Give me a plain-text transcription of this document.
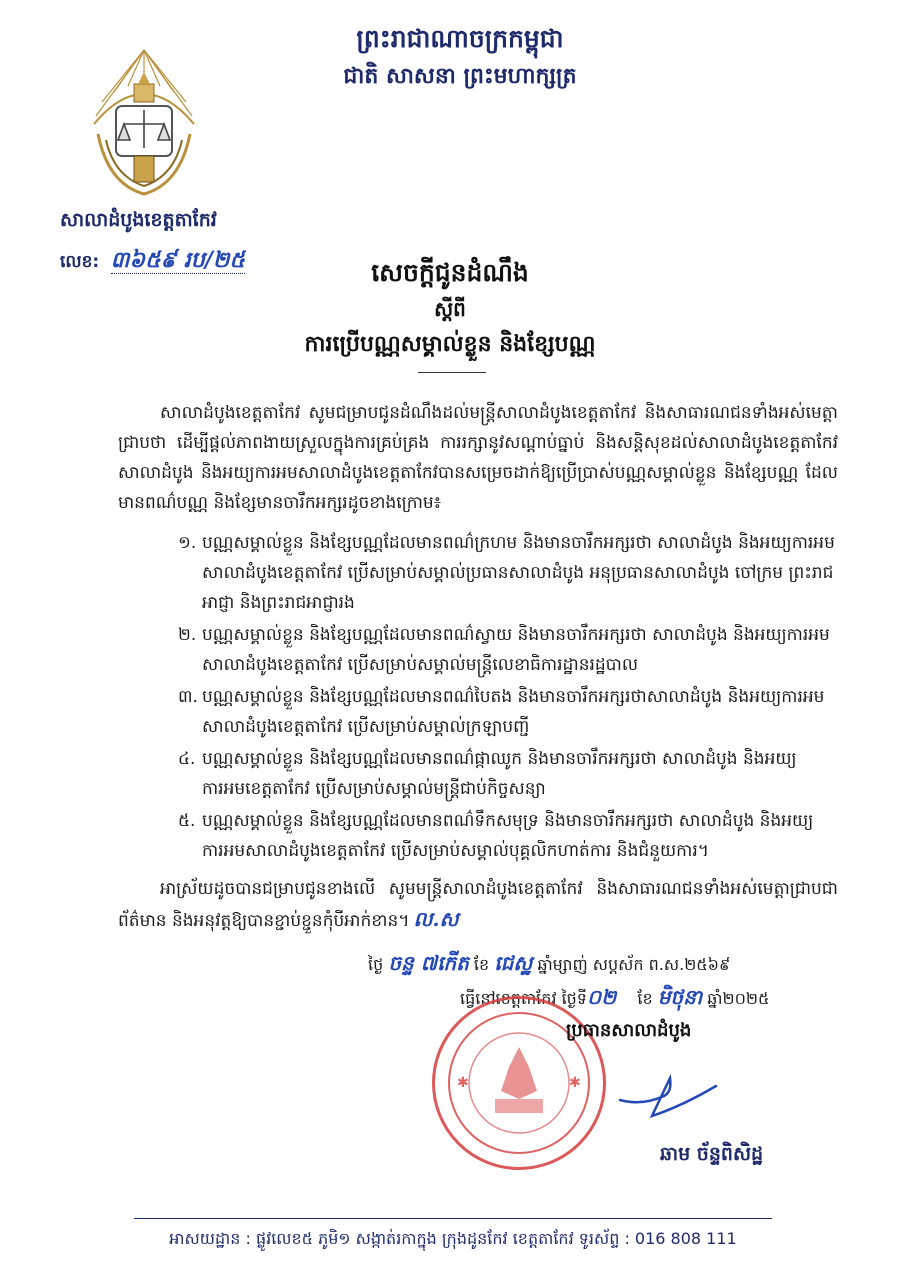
ព្រះរាជាណាចក្រកម្ពុជា
ជាតិ សាសនា ព្រះមហាក្សត្រ
សាលាដំបូងខេត្តតាកែវ
លេខ: ៣៦៥៩ រប/២៥	សេចក្តីជូនដំណឹង
ស្តីពី
ការប្រើបណ្ណសម្គាល់ខ្លួន និងខ្សែបណ្ណ
សាលាដំបូងខេត្តតាកែវ សូមជម្រាបជូនដំណឹងដល់មន្ត្រីសាលាដំបូងខេត្តតាកែវ និងសាធារណជនទាំងអស់មេត្តាជ្រាបថា ដើម្បីផ្តល់ភាពងាយស្រួលក្នុងការគ្រប់គ្រង ការរក្សានូវសណ្តាប់ធ្នាប់ និងសន្តិសុខដល់សាលាដំបូងខេត្តតាកែវ សាលាដំបូង និងអយ្យការអមសាលាដំបូងខេត្តតាកែវបានសម្រេចដាក់ឱ្យប្រើប្រាស់បណ្ណសម្គាល់ខ្លួន និងខ្សែបណ្ណ ដែលមានពណ៌បណ្ណ និងខ្សែមានចារឹកអក្សរដូចខាងក្រោម៖
១. បណ្ណសម្គាល់ខ្លួន និងខ្សែបណ្ណដែលមានពណ៌ក្រហម និងមានចារឹកអក្សរថា សាលាដំបូង និងអយ្យការអមសាលាដំបូងខេត្តតាកែវ ប្រើសម្រាប់សម្គាល់ប្រធានសាលាដំបូង អនុប្រធានសាលាដំបូង ចៅក្រម ព្រះរាជអាជ្ញា និងព្រះរាជអាជ្ញារង
២. បណ្ណសម្គាល់ខ្លួន និងខ្សែបណ្ណដែលមានពណ៌ស្វាយ និងមានចារឹកអក្សរថា សាលាដំបូង និងអយ្យការអមសាលាដំបូងខេត្តតាកែវ ប្រើសម្រាប់សម្គាល់មន្ត្រីលេខាធិការដ្ឋានរដ្ឋបាល
៣. បណ្ណសម្គាល់ខ្លួន និងខ្សែបណ្ណដែលមានពណ៌បៃតង និងមានចារឹកអក្សរថាសាលាដំបូង និងអយ្យការអមសាលាដំបូងខេត្តតាកែវ ប្រើសម្រាប់សម្គាល់ក្រឡាបញ្ជី
៤. បណ្ណសម្គាល់ខ្លួន និងខ្សែបណ្ណដែលមានពណ៌ផ្កាឈូក និងមានចារឹកអក្សរថា សាលាដំបូង និងអយ្យការអមខេត្តតាកែវ ប្រើសម្រាប់សម្គាល់មន្ត្រីជាប់កិច្ចសន្យា
៥. បណ្ណសម្គាល់ខ្លួន និងខ្សែបណ្ណដែលមានពណ៌ទឹកសមុទ្រ និងមានចារឹកអក្សរថា សាលាដំបូង និងអយ្យការអមសាលាដំបូងខេត្តតាកែវ ប្រើសម្រាប់សម្គាល់បុគ្គលិកហាត់ការ និងជំនួយការ។
អាស្រ័យដូចបានជម្រាបជូនខាងលើ សូមមន្ត្រីសាលាដំបូងខេត្តតាកែវ និងសាធារណជនទាំងអស់មេត្តាជ្រាបជាព័ត៌មាន និងអនុវត្តឱ្យបានខ្ជាប់ខ្ជួនកុំបីអាក់ខាន។ ល.ស
ថ្ងៃ ចន្ទ ៧កើត ខែ ជេស្ឋ ឆ្នាំម្សាញ់ សប្តស័ក ព.ស.២៥៦៩
ធ្វើនៅខេត្តតាកែវ ថ្ងៃទី០២ ខែ មិថុនា ឆ្នាំ២០២៥
✱	✱
ប្រធានសាលាដំបូង
ឆាម ច័ន្ទពិសិដ្ឋ
អាសយដ្ឋាន : ផ្លូវលេខ៥ ភូមិ១ សង្កាត់រកាក្នុង ក្រុងដូនកែវ ខេត្តតាកែវ ទូរស័ព្ទ : 016 808 111
